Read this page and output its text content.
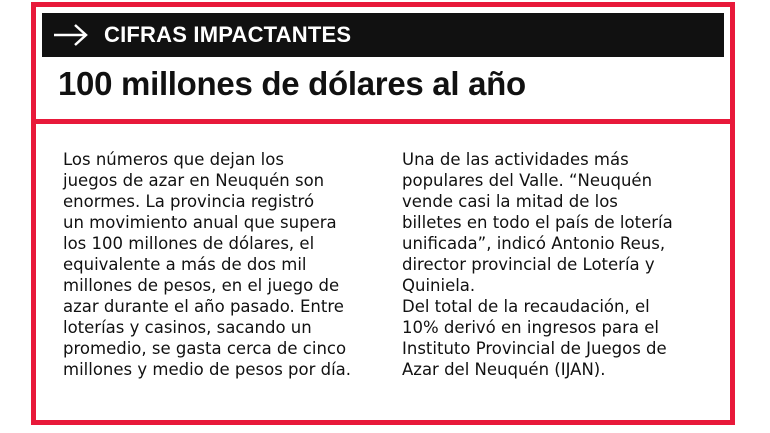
CIFRAS IMPACTANTES
100 millones de dólares al año

Los números que dejan los

juegos de azar en Neuquén son

enormes. La provincia registró

un movimiento anual que supera

los 100 millones de dólares, el

equivalente a más de dos mil

millones de pesos, en el juego de

azar durante el año pasado. Entre

loterías y casinos, sacando un

promedio, se gasta cerca de cinco

millones y medio de pesos por día.

Una de las actividades más

populares del Valle. “Neuquén

vende casi la mitad de los

billetes en todo el país de lotería

unificada”, indicó Antonio Reus,

director provincial de Lotería y

Quiniela.

Del total de la recaudación, el

10% derivó en ingresos para el

Instituto Provincial de Juegos de

Azar del Neuquén (IJAN).
